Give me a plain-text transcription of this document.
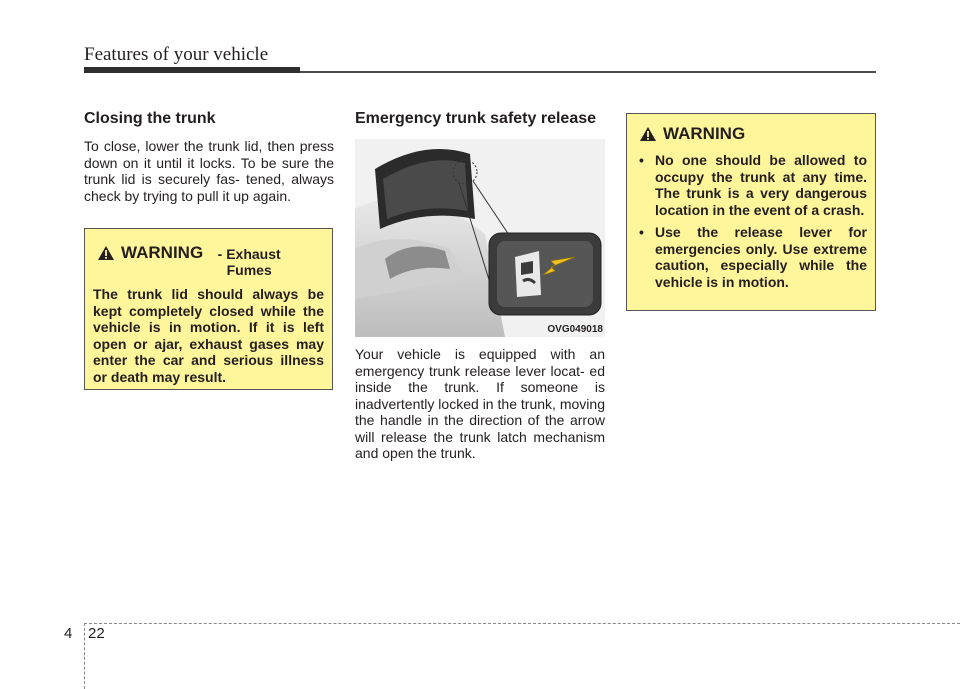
Features of your vehicle
Closing the trunk

To close, lower the trunk lid, then press down on it until it locks. To be sure the trunk lid is securely fas- tened, always check by trying to pull it up again.

WARNING	- Exhaust Fumes

The trunk lid should always be kept completely closed while the vehicle is in motion. If it is left open or ajar, exhaust gases may enter the car and serious illness or death may result.

Emergency trunk safety release
OVG049018

Your vehicle is equipped with an emergency trunk release lever locat- ed inside the trunk. If someone is inadvertently locked in the trunk, moving the handle in the direction of the arrow will release the trunk latch mechanism and open the trunk.

WARNING
• No one should be allowed to occupy the trunk at any time. The trunk is a very dangerous location in the event of a crash.
• Use the release lever for emergencies only. Use extreme caution, especially while the vehicle is in motion.
4 22
